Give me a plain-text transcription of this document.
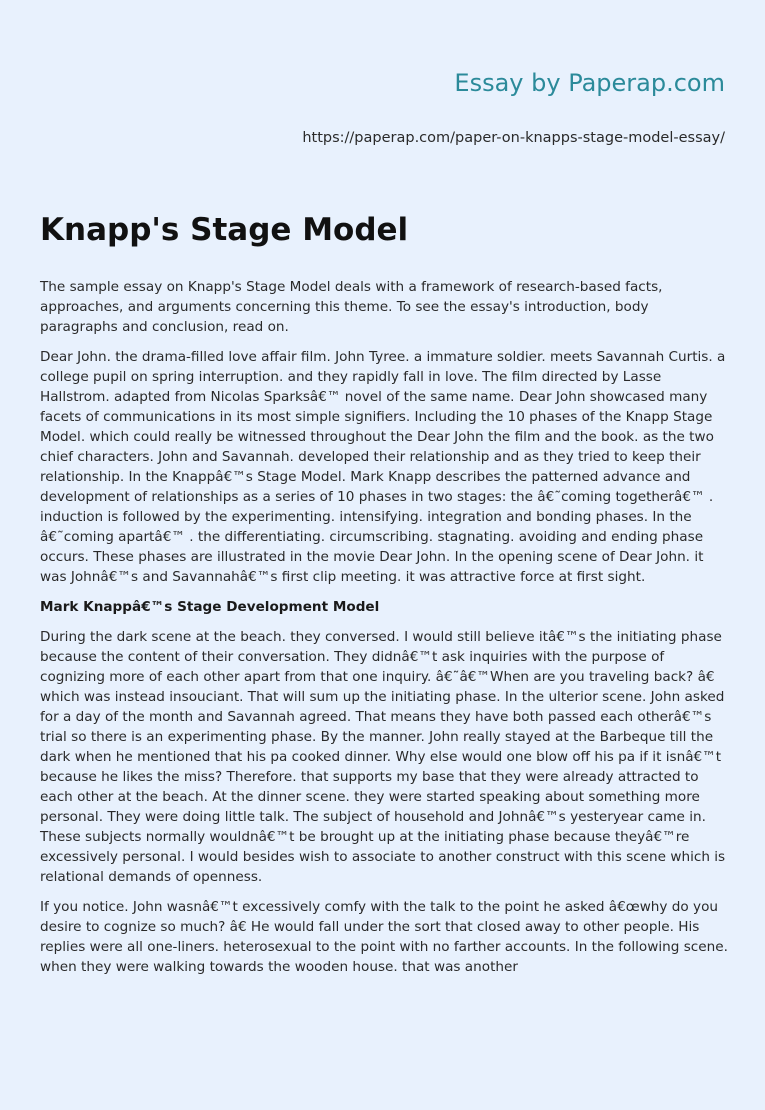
Essay by Paperap.com
https://paperap.com/paper-on-knapps-stage-model-essay/
Knapp's Stage Model

The sample essay on Knapp's Stage Model deals with a framework of research-based facts, approaches, and arguments concerning this theme. To see the essay's introduction, body paragraphs and conclusion, read on.

Dear John. the drama-filled love affair film. John Tyree. a immature soldier. meets Savannah Curtis. a college pupil on spring interruption. and they rapidly fall in love. The film directed by Lasse Hallstrom. adapted from Nicolas Sparksâ€™ novel of the same name. Dear John showcased many facets of communications in its most simple signifiers. Including the 10 phases of the Knapp Stage Model. which could really be witnessed throughout the Dear John the film and the book. as the two chief characters. John and Savannah. developed their relationship and as they tried to keep their relationship. In the Knappâ€™s Stage Model. Mark Knapp describes the patterned advance and development of relationships as a series of 10 phases in two stages: the â€˜coming togetherâ€™ . induction is followed by the experimenting. intensifying. integration and bonding phases. In the â€˜coming apartâ€™ . the differentiating. circumscribing. stagnating. avoiding and ending phase occurs. These phases are illustrated in the movie Dear John. In the opening scene of Dear John. it was Johnâ€™s and Savannahâ€™s first clip meeting. it was attractive force at first sight.

Mark Knappâ€™s Stage Development Model

During the dark scene at the beach. they conversed. I would still believe itâ€™s the initiating phase because the content of their conversation. They didnâ€™t ask inquiries with the purpose of cognizing more of each other apart from that one inquiry. â€˜â€™When are you traveling back? â€ which was instead insouciant. That will sum up the initiating phase. In the ulterior scene. John asked for a day of the month and Savannah agreed. That means they have both passed each otherâ€™s trial so there is an experimenting phase. By the manner. John really stayed at the Barbeque till the dark when he mentioned that his pa cooked dinner. Why else would one blow off his pa if it isnâ€™t because he likes the miss? Therefore. that supports my base that they were already attracted to each other at the beach. At the dinner scene. they were started speaking about something more personal. They were doing little talk. The subject of household and Johnâ€™s yesteryear came in. These subjects normally wouldnâ€™t be brought up at the initiating phase because theyâ€™re excessively personal. I would besides wish to associate to another construct with this scene which is relational demands of openness.

If you notice. John wasnâ€™t excessively comfy with the talk to the point he asked â€œwhy do you desire to cognize so much? â€ He would fall under the sort that closed away to other people. His replies were all one-liners. heterosexual to the point with no farther accounts. In the following scene. when they were walking towards the wooden house. that was another
